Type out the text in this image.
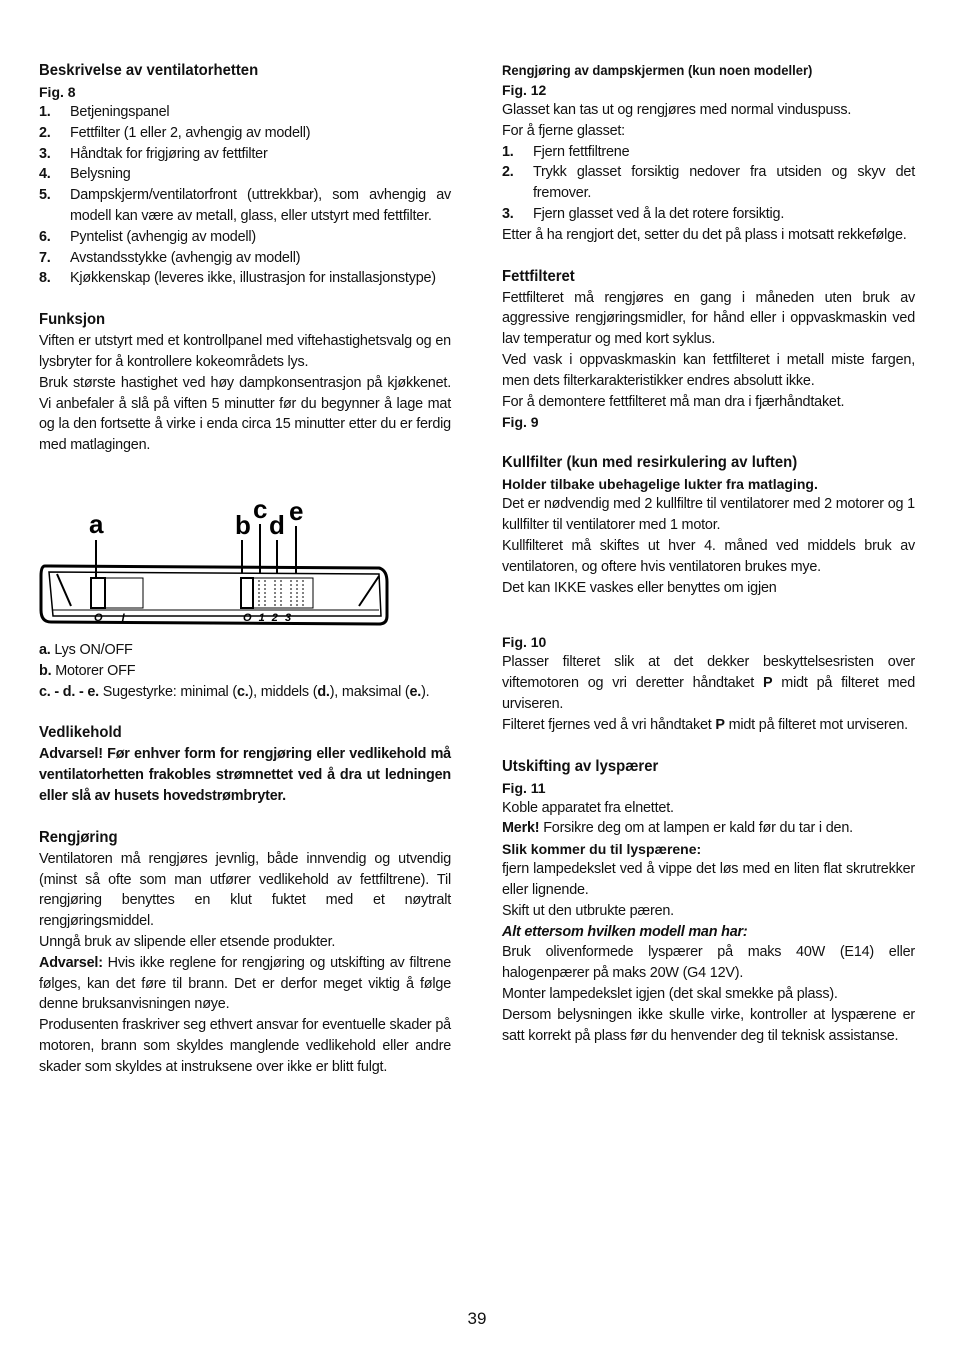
Beskrivelse av ventilatorhetten
Fig. 8
1. Betjeningspanel
2. Fettfilter (1 eller 2, avhengig av modell)
3. Håndtak for frigjøring av fettfilter
4. Belysning
5. Dampskjerm/ventilatorfront (uttrekkbar), som avhengig av modell kan være av metall, glass, eller utstyrt med fettfilter.
6. Pyntelist (avhengig av modell)
7. Avstandsstykke (avhengig av modell)
8. Kjøkkenskap (leveres ikke, illustrasjon for installasjonstype)
Funksjon

Viften er utstyrt med et kontrollpanel med viftehastighetsvalg og en lysbryter for å kontrollere kokeområdets lys.

Bruk største hastighet ved høy dampkonsentrasjon på kjøkkenet. Vi anbefaler å slå på viften 5 minutter før du begynner å lage mat og la den fortsette å virke i enda circa 15 minutter etter du er ferdig med matlagingen.

a	b
c
d e
O I	O 1 2 3

a. Lys ON/OFF

b. Motorer OFF

c. - d. - e. Sugestyrke: minimal (c.), middels (d.), maksimal (e.).

Vedlikehold

Advarsel! Før enhver form for rengjøring eller vedlikehold må ventilatorhetten frakobles strømnettet ved å dra ut ledningen eller slå av husets hovedstrømbryter.

Rengjøring

Ventilatoren må rengjøres jevnlig, både innvendig og utvendig (minst så ofte som man utfører vedlikehold av fettfiltrene). Til rengjøring benyttes en klut fuktet med et nøytralt rengjøringsmiddel.

Unngå bruk av slipende eller etsende produkter.

Advarsel: Hvis ikke reglene for rengjøring og utskifting av filtrene følges, kan det føre til brann. Det er derfor meget viktig å følge denne bruksanvisningen nøye.

Produsenten fraskriver seg ethvert ansvar for eventuelle skader på motoren, brann som skyldes manglende vedlikehold eller andre skader som skyldes at instruksene over ikke er blitt fulgt.

Rengjøring av dampskjermen (kun noen modeller)
Fig. 12

Glasset kan tas ut og rengjøres med normal vinduspuss.

For å fjerne glasset:

1. Fjern fettfiltrene
2. Trykk glasset forsiktig nedover fra utsiden og skyv det fremover.
3. Fjern glasset ved å la det rotere forsiktig.

Etter å ha rengjort det, setter du det på plass i motsatt rekkefølge.

Fettfilteret

Fettfilteret må rengjøres en gang i måneden uten bruk av aggressive rengjøringsmidler, for hånd eller i oppvaskmaskin ved lav temperatur og med kort syklus.

Ved vask i oppvaskmaskin kan fettfilteret i metall miste fargen, men dets filterkarakteristikker endres absolutt ikke.

For å demontere fettfilteret må man dra i fjærhåndtaket.

Fig. 9
Kullfilter (kun med resirkulering av luften)
Holder tilbake ubehagelige lukter fra matlaging.

Det er nødvendig med 2 kullfiltre til ventilatorer med 2 motorer og 1 kullfilter til ventilatorer med 1 motor.

Kullfilteret må skiftes ut hver 4. måned ved middels bruk av ventilatoren, og oftere hvis ventilatoren brukes mye.

Det kan IKKE vaskes eller benyttes om igjen

Fig. 10

Plasser filteret slik at det dekker beskyttelsesristen over viftemotoren og vri deretter håndtaket P midt på filteret med urviseren.

Filteret fjernes ved å vri håndtaket P midt på filteret mot urviseren.

Utskifting av lyspærer
Fig. 11

Koble apparatet fra elnettet.

Merk! Forsikre deg om at lampen er kald før du tar i den.

Slik kommer du til lyspærene:

fjern lampedekslet ved å vippe det løs med en liten flat skrutrekker eller lignende.

Skift ut den utbrukte pæren.

Alt ettersom hvilken modell man har:

Bruk olivenformede lyspærer på maks 40W (E14) eller halogenpærer på maks 20W (G4 12V).

Monter lampedekslet igjen (det skal smekke på plass).

Dersom belysningen ikke skulle virke, kontroller at lyspærene er satt korrekt på plass før du henvender deg til teknisk assistanse.

39
